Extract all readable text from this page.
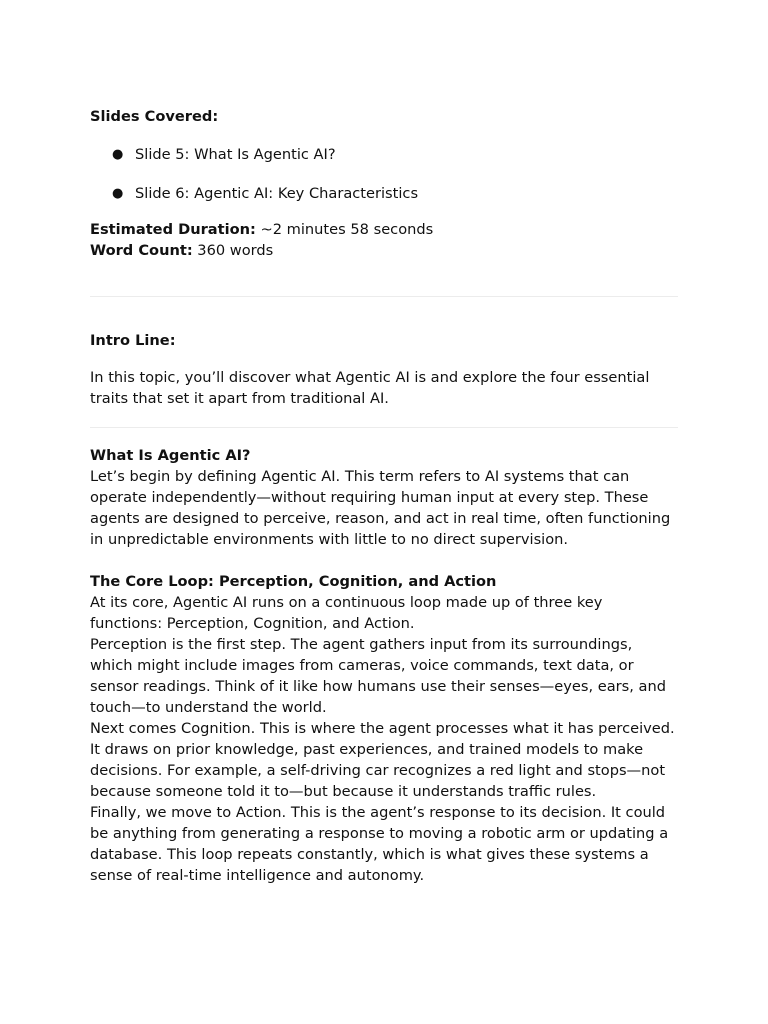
Slides Covered:

● Slide 5: What Is Agentic AI?
● Slide 6: Agentic AI: Key Characteristics

Estimated Duration: ~2 minutes 58 seconds

Word Count: 360 words

Intro Line:

In this topic, you’ll discover what Agentic AI is and explore the four essential traits that set it apart from traditional AI.

What Is Agentic AI?

Let’s begin by defining Agentic AI. This term refers to AI systems that can operate independently—without requiring human input at every step. These agents are designed to perceive, reason, and act in real time, often functioning in unpredictable environments with little to no direct supervision.

The Core Loop: Perception, Cognition, and Action

At its core, Agentic AI runs on a continuous loop made up of three key functions: Perception, Cognition, and Action.

Perception is the first step. The agent gathers input from its surroundings, which might include images from cameras, voice commands, text data, or sensor readings. Think of it like how humans use their senses—eyes, ears, and touch—to understand the world.

Next comes Cognition. This is where the agent processes what it has perceived. It draws on prior knowledge, past experiences, and trained models to make decisions. For example, a self-driving car recognizes a red light and stops—not because someone told it to—but because it understands traffic rules.

Finally, we move to Action. This is the agent’s response to its decision. It could be anything from generating a response to moving a robotic arm or updating a database. This loop repeats constantly, which is what gives these systems a sense of real-time intelligence and autonomy.
